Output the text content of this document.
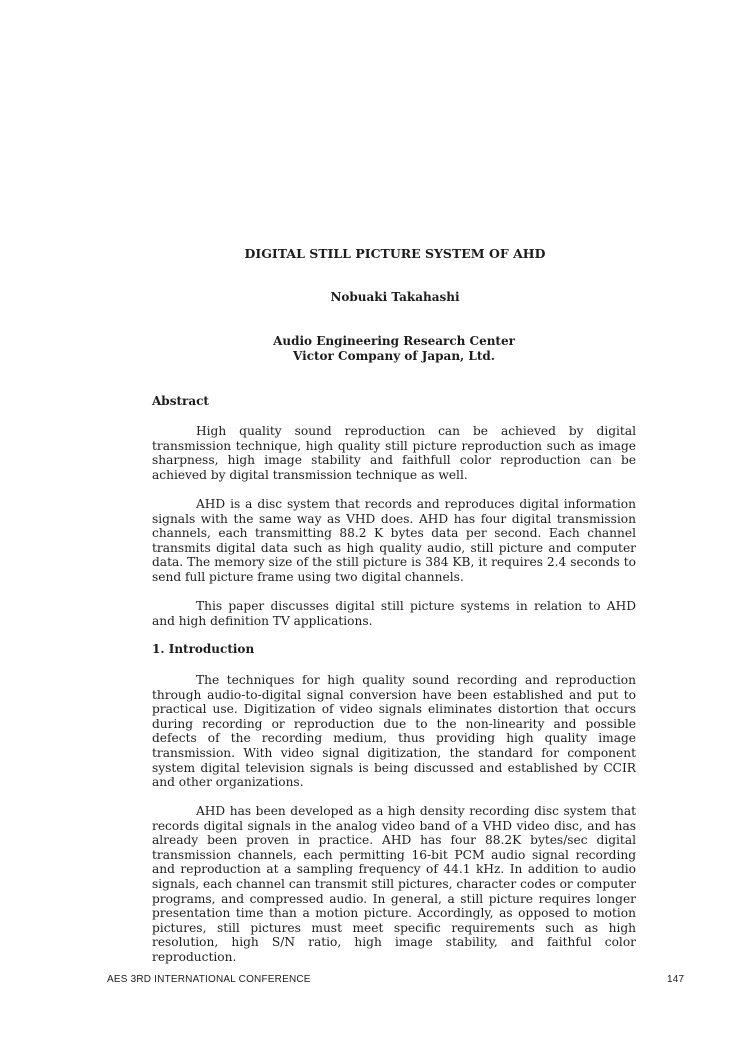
DIGITAL STILL PICTURE SYSTEM OF AHD
Nobuaki Takahashi
Audio Engineering Research Center
Victor Company of Japan, Ltd.
Abstract

High quality sound reproduction can be achieved by digital transmission technique, high quality still picture reproduction such as image sharpness, high image stability and faithfull color reproduction can be achieved by digital transmission technique as well.

AHD is a disc system that records and reproduces digital information signals with the same way as VHD does. AHD has four digital transmission channels, each transmitting 88.2 K bytes data per second. Each channel transmits digital data such as high quality audio, still picture and computer data. The memory size of the still picture is 384 KB, it requires 2.4 seconds to send full picture frame using two digital channels.

This paper discusses digital still picture systems in relation to AHD and high definition TV applications.

1. Introduction

The techniques for high quality sound recording and reproduction through audio-to-digital signal conversion have been established and put to practical use. Digitization of video signals eliminates distortion that occurs during recording or reproduction due to the non-linearity and possible defects of the recording medium, thus providing high quality image transmission. With video signal digitization, the standard for component system digital television signals is being discussed and established by CCIR and other organizations.

AHD has been developed as a high density recording disc system that records digital signals in the analog video band of a VHD video disc, and has already been proven in practice. AHD has four 88.2K bytes/sec digital transmission channels, each permitting 16-bit PCM audio signal recording and reproduction at a sampling frequency of 44.1 kHz. In addition to audio signals, each channel can transmit still pictures, character codes or computer programs, and compressed audio. In general, a still picture requires longer presentation time than a motion picture. Accordingly, as opposed to motion pictures, still pictures must meet specific requirements such as high resolution, high S/N ratio, high image stability, and faithful color reproduction.

AES 3RD INTERNATIONAL CONFERENCE	147
